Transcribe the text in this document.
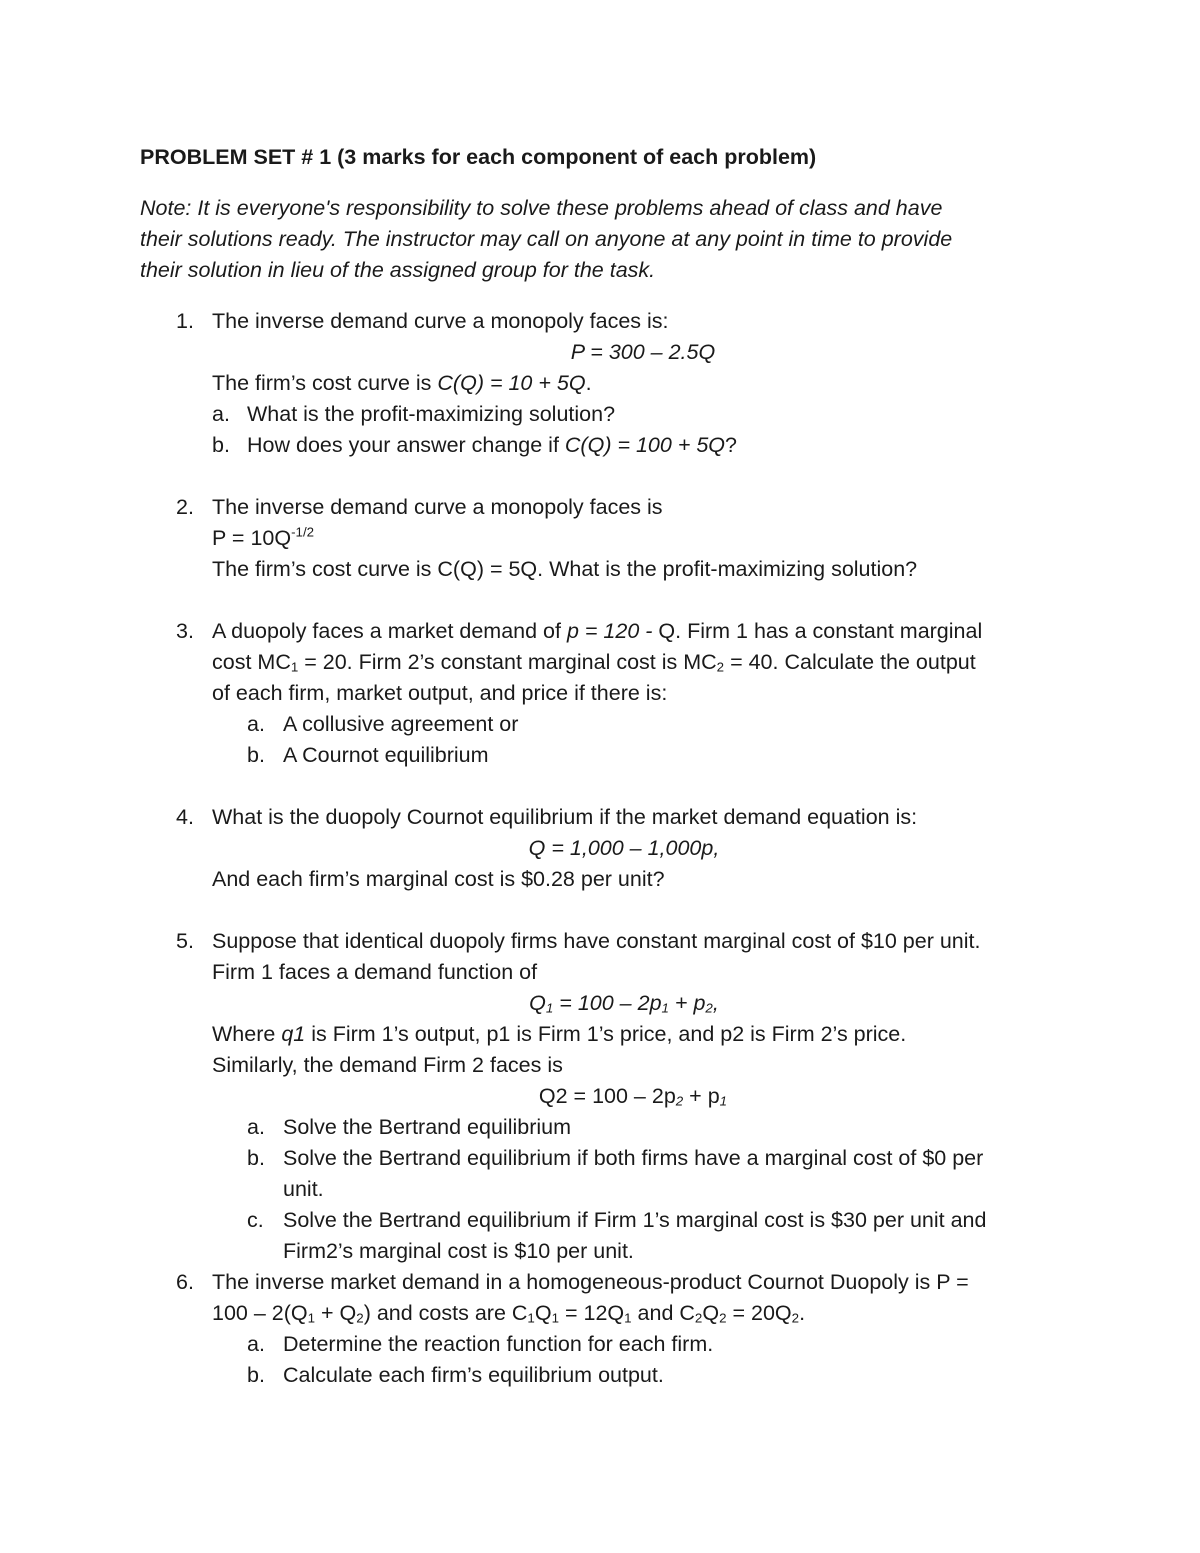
PROBLEM SET # 1 (3 marks for each component of each problem)
Note: It is everyone's responsibility to solve these problems ahead of class and have
their solutions ready. The instructor may call on anyone at any point in time to provide
their solution in lieu of the assigned group for the task.
1. The inverse demand curve a monopoly faces is:
P = 300 – 2.5Q
The firm’s cost curve is C(Q) = 10 + 5Q.
a. What is the profit-maximizing solution?
b. How does your answer change if C(Q) = 100 + 5Q?
2. The inverse demand curve a monopoly faces is
$P = 10Q^{-1/2}$
The firm’s cost curve is C(Q) = 5Q. What is the profit-maximizing solution?
3. A duopoly faces a market demand of p = 120 - Q. Firm 1 has a constant marginal
cost $MC_1 = 20$. Firm 2’s constant marginal cost is $MC_2 = 40$. Calculate the output
of each firm, market output, and price if there is:
a. A collusive agreement or
b. A Cournot equilibrium
4. What is the duopoly Cournot equilibrium if the market demand equation is:
Q = 1,000 – 1,000p,
And each firm’s marginal cost is $0.28 per unit?
5. Suppose that identical duopoly firms have constant marginal cost of $10 per unit.
Firm 1 faces a demand function of
$Q_1 = 100 - 2p_1 + p_2$,
Where q1 is Firm 1’s output, p1 is Firm 1’s price, and p2 is Firm 2’s price.
Similarly, the demand Firm 2 faces is
$Q2 = 100 - 2p_2 + p_1$
a. Solve the Bertrand equilibrium
b. Solve the Bertrand equilibrium if both firms have a marginal cost of $0 per
unit.
c. Solve the Bertrand equilibrium if Firm 1’s marginal cost is $30 per unit and
Firm2’s marginal cost is $10 per unit.
6. The inverse market demand in a homogeneous-product Cournot Duopoly is P =
$100 - 2(Q_1 + Q_2)$ and costs are $C_1Q_1 = 12Q_1$ and $C_2Q_2 = 20Q_2$.
a. Determine the reaction function for each firm.
b. Calculate each firm’s equilibrium output.
